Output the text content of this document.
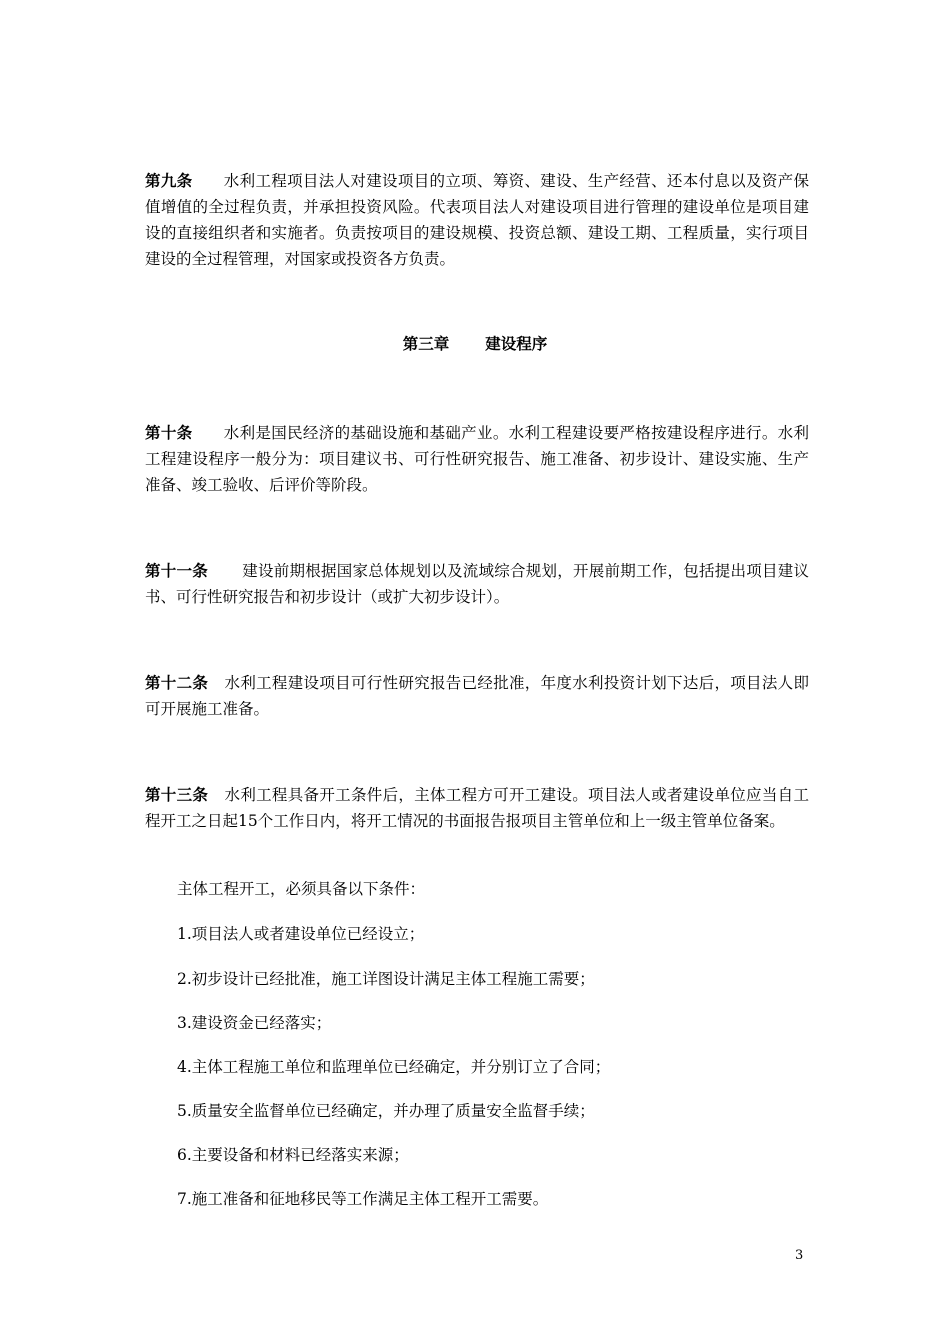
第九条 水利工程项目法人对建设项目的立项、筹资、建设、生产经营、还本付息以及资产保值增值的全过程负责，并承担投资风险。代表项目法人对建设项目进行管理的建设单位是项目建设的直接组织者和实施者。负责按项目的建设规模、投资总额、建设工期、工程质量，实行项目建设的全过程管理，对国家或投资各方负责。

第三章 建设程序

第十条 水利是国民经济的基础设施和基础产业。水利工程建设要严格按建设程序进行。水利工程建设程序一般分为：项目建议书、可行性研究报告、施工准备、初步设计、建设实施、生产准备、竣工验收、后评价等阶段。

第十一条 建设前期根据国家总体规划以及流域综合规划，开展前期工作，包括提出项目建议书、可行性研究报告和初步设计（或扩大初步设计）。

第十二条 水利工程建设项目可行性研究报告已经批准，年度水利投资计划下达后，项目法人即可开展施工准备。

第十三条 水利工程具备开工条件后，主体工程方可开工建设。项目法人或者建设单位应当自工程开工之日起15个工作日内，将开工情况的书面报告报项目主管单位和上一级主管单位备案。

主体工程开工，必须具备以下条件：

1.项目法人或者建设单位已经设立；

2.初步设计已经批准，施工详图设计满足主体工程施工需要；

3.建设资金已经落实；

4.主体工程施工单位和监理单位已经确定，并分别订立了合同；

5.质量安全监督单位已经确定，并办理了质量安全监督手续；

6.主要设备和材料已经落实来源；

7.施工准备和征地移民等工作满足主体工程开工需要。

3
